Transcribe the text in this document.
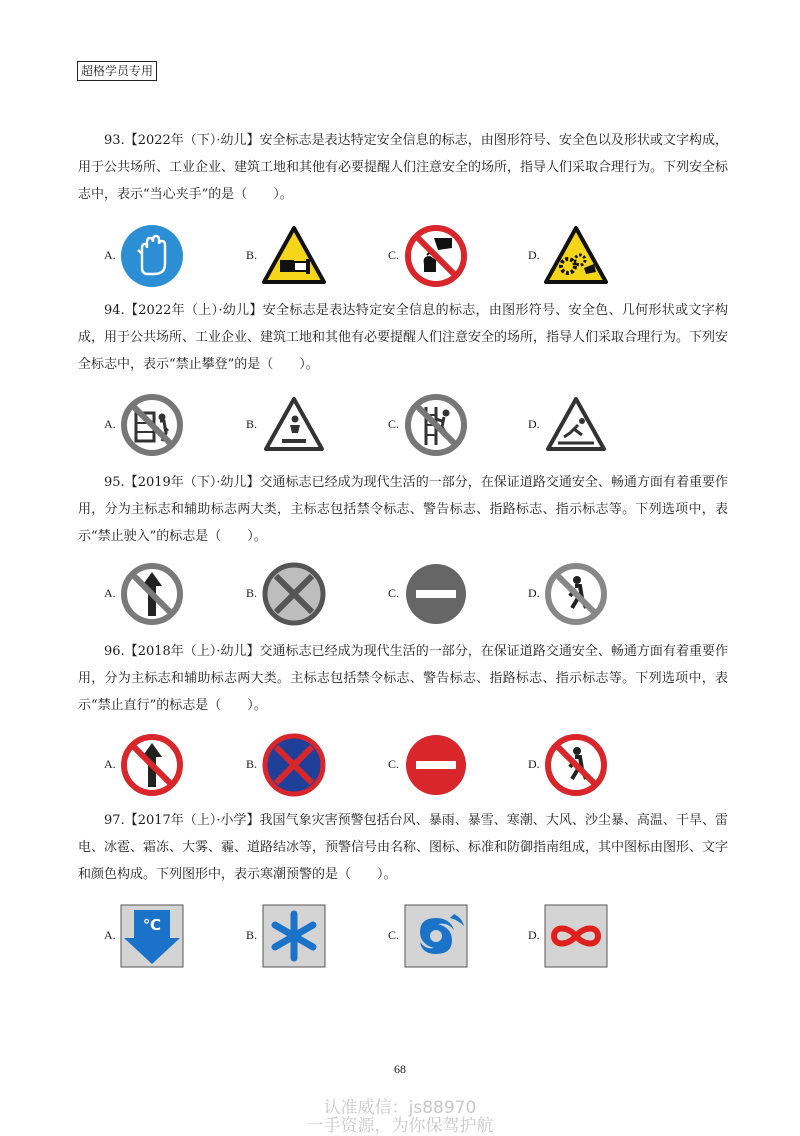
超格学员专用
93.【2022年（下）·幼儿】安全标志是表达特定安全信息的标志，由图形符号、安全色以及形状或文字构成，用于公共场所、工业企业、建筑工地和其他有必要提醒人们注意安全的场所，指导人们采取合理行为。下列安全标志中，表示“当心夹手”的是（　　）。
A.	B.	C.	D.
94.【2022年（上）·幼儿】安全标志是表达特定安全信息的标志，由图形符号、安全色、几何形状或文字构成，用于公共场所、工业企业、建筑工地和其他有必要提醒人们注意安全的场所，指导人们采取合理行为。下列安全标志中，表示“禁止攀登”的是（　　）。
A.	B.	C.	D.
95.【2019年（下）·幼儿】交通标志已经成为现代生活的一部分，在保证道路交通安全、畅通方面有着重要作用，分为主标志和辅助标志两大类，主标志包括禁令标志、警告标志、指路标志、指示标志等。下列选项中，表示“禁止驶入”的标志是（　　）。
A.	B.	C.	D.
96.【2018年（上）·幼儿】交通标志已经成为现代生活的一部分，在保证道路交通安全、畅通方面有着重要作用，分为主标志和辅助标志两大类。主标志包括禁令标志、警告标志、指路标志、指示标志等。下列选项中，表示“禁止直行”的标志是（　　）。
A.	B.	C.	D.
97.【2017年（上）·小学】我国气象灾害预警包括台风、暴雨、暴雪、寒潮、大风、沙尘暴、高温、干旱、雷电、冰雹、霜冻、大雾、霾、道路结冰等，预警信号由名称、图标、标准和防御指南组成，其中图标由图形、文字和颜色构成。下列图形中，表示寒潮预警的是（　　）。
A.
℃
B.	C.	D.
68
认准威信：js88970
一手资源，为你保驾护航
